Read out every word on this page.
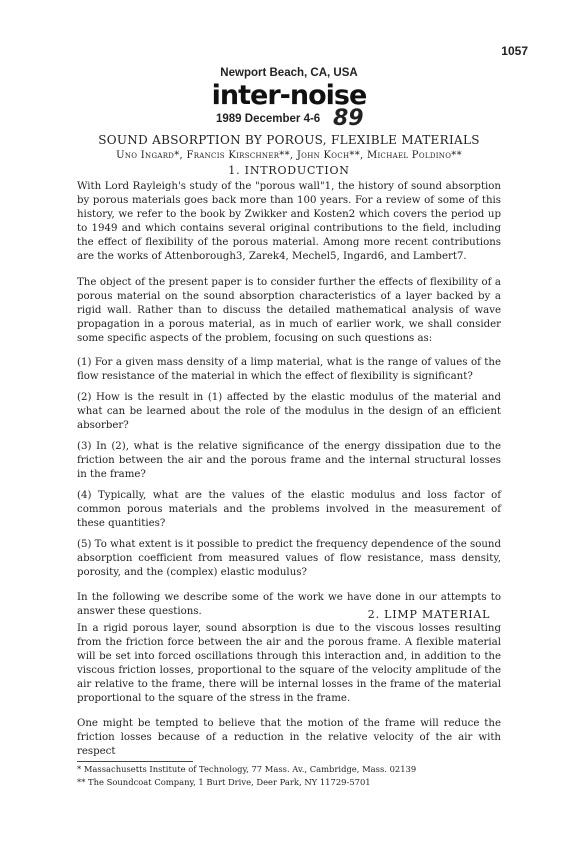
1057
Newport Beach, CA, USA
inter-noise
1989 December 4-6 89
SOUND ABSORPTION BY POROUS, FLEXIBLE MATERIALS
Uno Ingard*, Francis Kirschner**, John Koch**, Michael Poldino**
1. INTRODUCTION
With Lord Rayleigh's study of the "porous wall"1, the history of sound absorption by porous materials goes back more than 100 years. For a review of some of this history, we refer to the book by Zwikker and Kosten2 which covers the period up to 1949 and which contains several original contributions to the field, including the effect of flexibility of the porous material. Among more recent contributions are the works of Attenborough3, Zarek4, Mechel5, Ingard6, and Lambert7.
The object of the present paper is to consider further the effects of flexibility of a porous material on the sound absorption characteristics of a layer backed by a rigid wall. Rather than to discuss the detailed mathematical analysis of wave propagation in a porous material, as in much of earlier work, we shall consider some specific aspects of the problem, focusing on such questions as:
(1) For a given mass density of a limp material, what is the range of values of the flow resistance of the material in which the effect of flexibility is significant?
(2) How is the result in (1) affected by the elastic modulus of the material and what can be learned about the role of the modulus in the design of an efficient absorber?
(3) In (2), what is the relative significance of the energy dissipation due to the friction between the air and the porous frame and the internal structural losses in the frame?
(4) Typically, what are the values of the elastic modulus and loss factor of common porous materials and the problems involved in the measurement of these quantities?
(5) To what extent is it possible to predict the frequency dependence of the sound absorption coefficient from measured values of flow resistance, mass density, porosity, and the (complex) elastic modulus?
In the following we describe some of the work we have done in our attempts to answer these questions.	2. LIMP MATERIAL
In a rigid porous layer, sound absorption is due to the viscous losses resulting from the friction force between the air and the porous frame. A flexible material will be set into forced oscillations through this interaction and, in addition to the viscous friction losses, proportional to the square of the velocity amplitude of the air relative to the frame, there will be internal losses in the frame of the material proportional to the square of the stress in the frame.
One might be tempted to believe that the motion of the frame will reduce the friction losses because of a reduction in the relative velocity of the air with respect
* Massachusetts Institute of Technology, 77 Mass. Av., Cambridge, Mass. 02139
** The Soundcoat Company, 1 Burt Drive, Deer Park, NY 11729-5701
